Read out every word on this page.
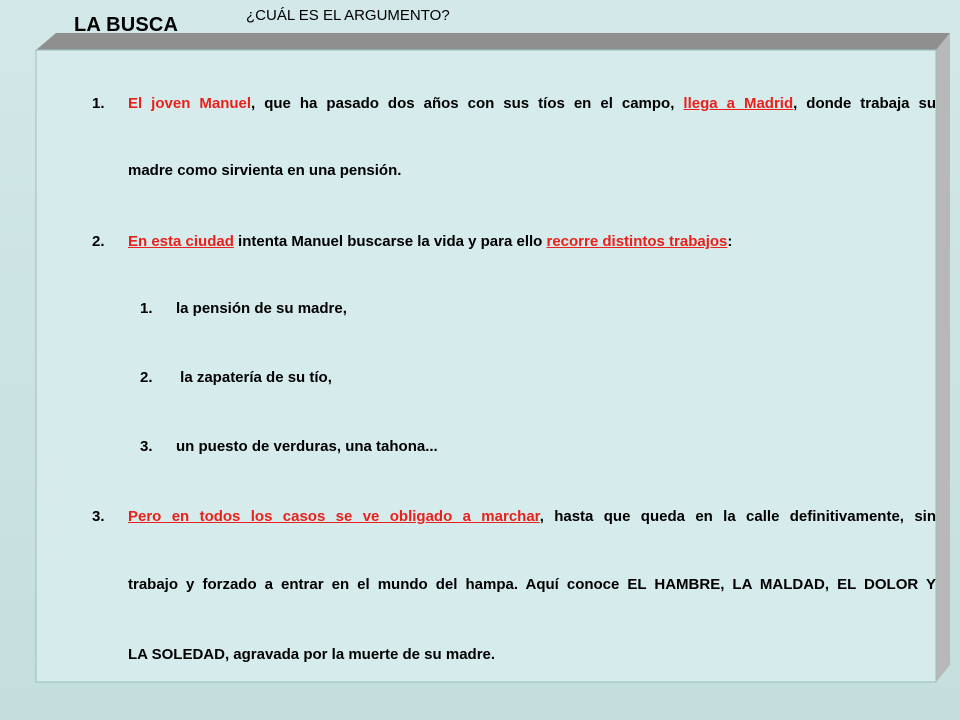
LA BUSCA	¿CUÁL ES EL ARGUMENTO?

1.	El joven Manuel, que ha pasado dos años con sus tíos en el campo, llega a Madrid, donde trabaja su
madre como sirvienta en una pensión.
2.	En esta ciudad intenta Manuel buscarse la vida y para ello recorre distintos trabajos:
1.	la pensión de su madre,
2.	la zapatería de su tío,
3.	un puesto de verduras, una tahona...
3.	Pero en todos los casos se ve obligado a marchar, hasta que queda en la calle definitivamente, sin
trabajo y forzado a entrar en el mundo del hampa. Aquí conoce EL HAMBRE, LA MALDAD, EL DOLOR Y
LA SOLEDAD, agravada por la muerte de su madre.
